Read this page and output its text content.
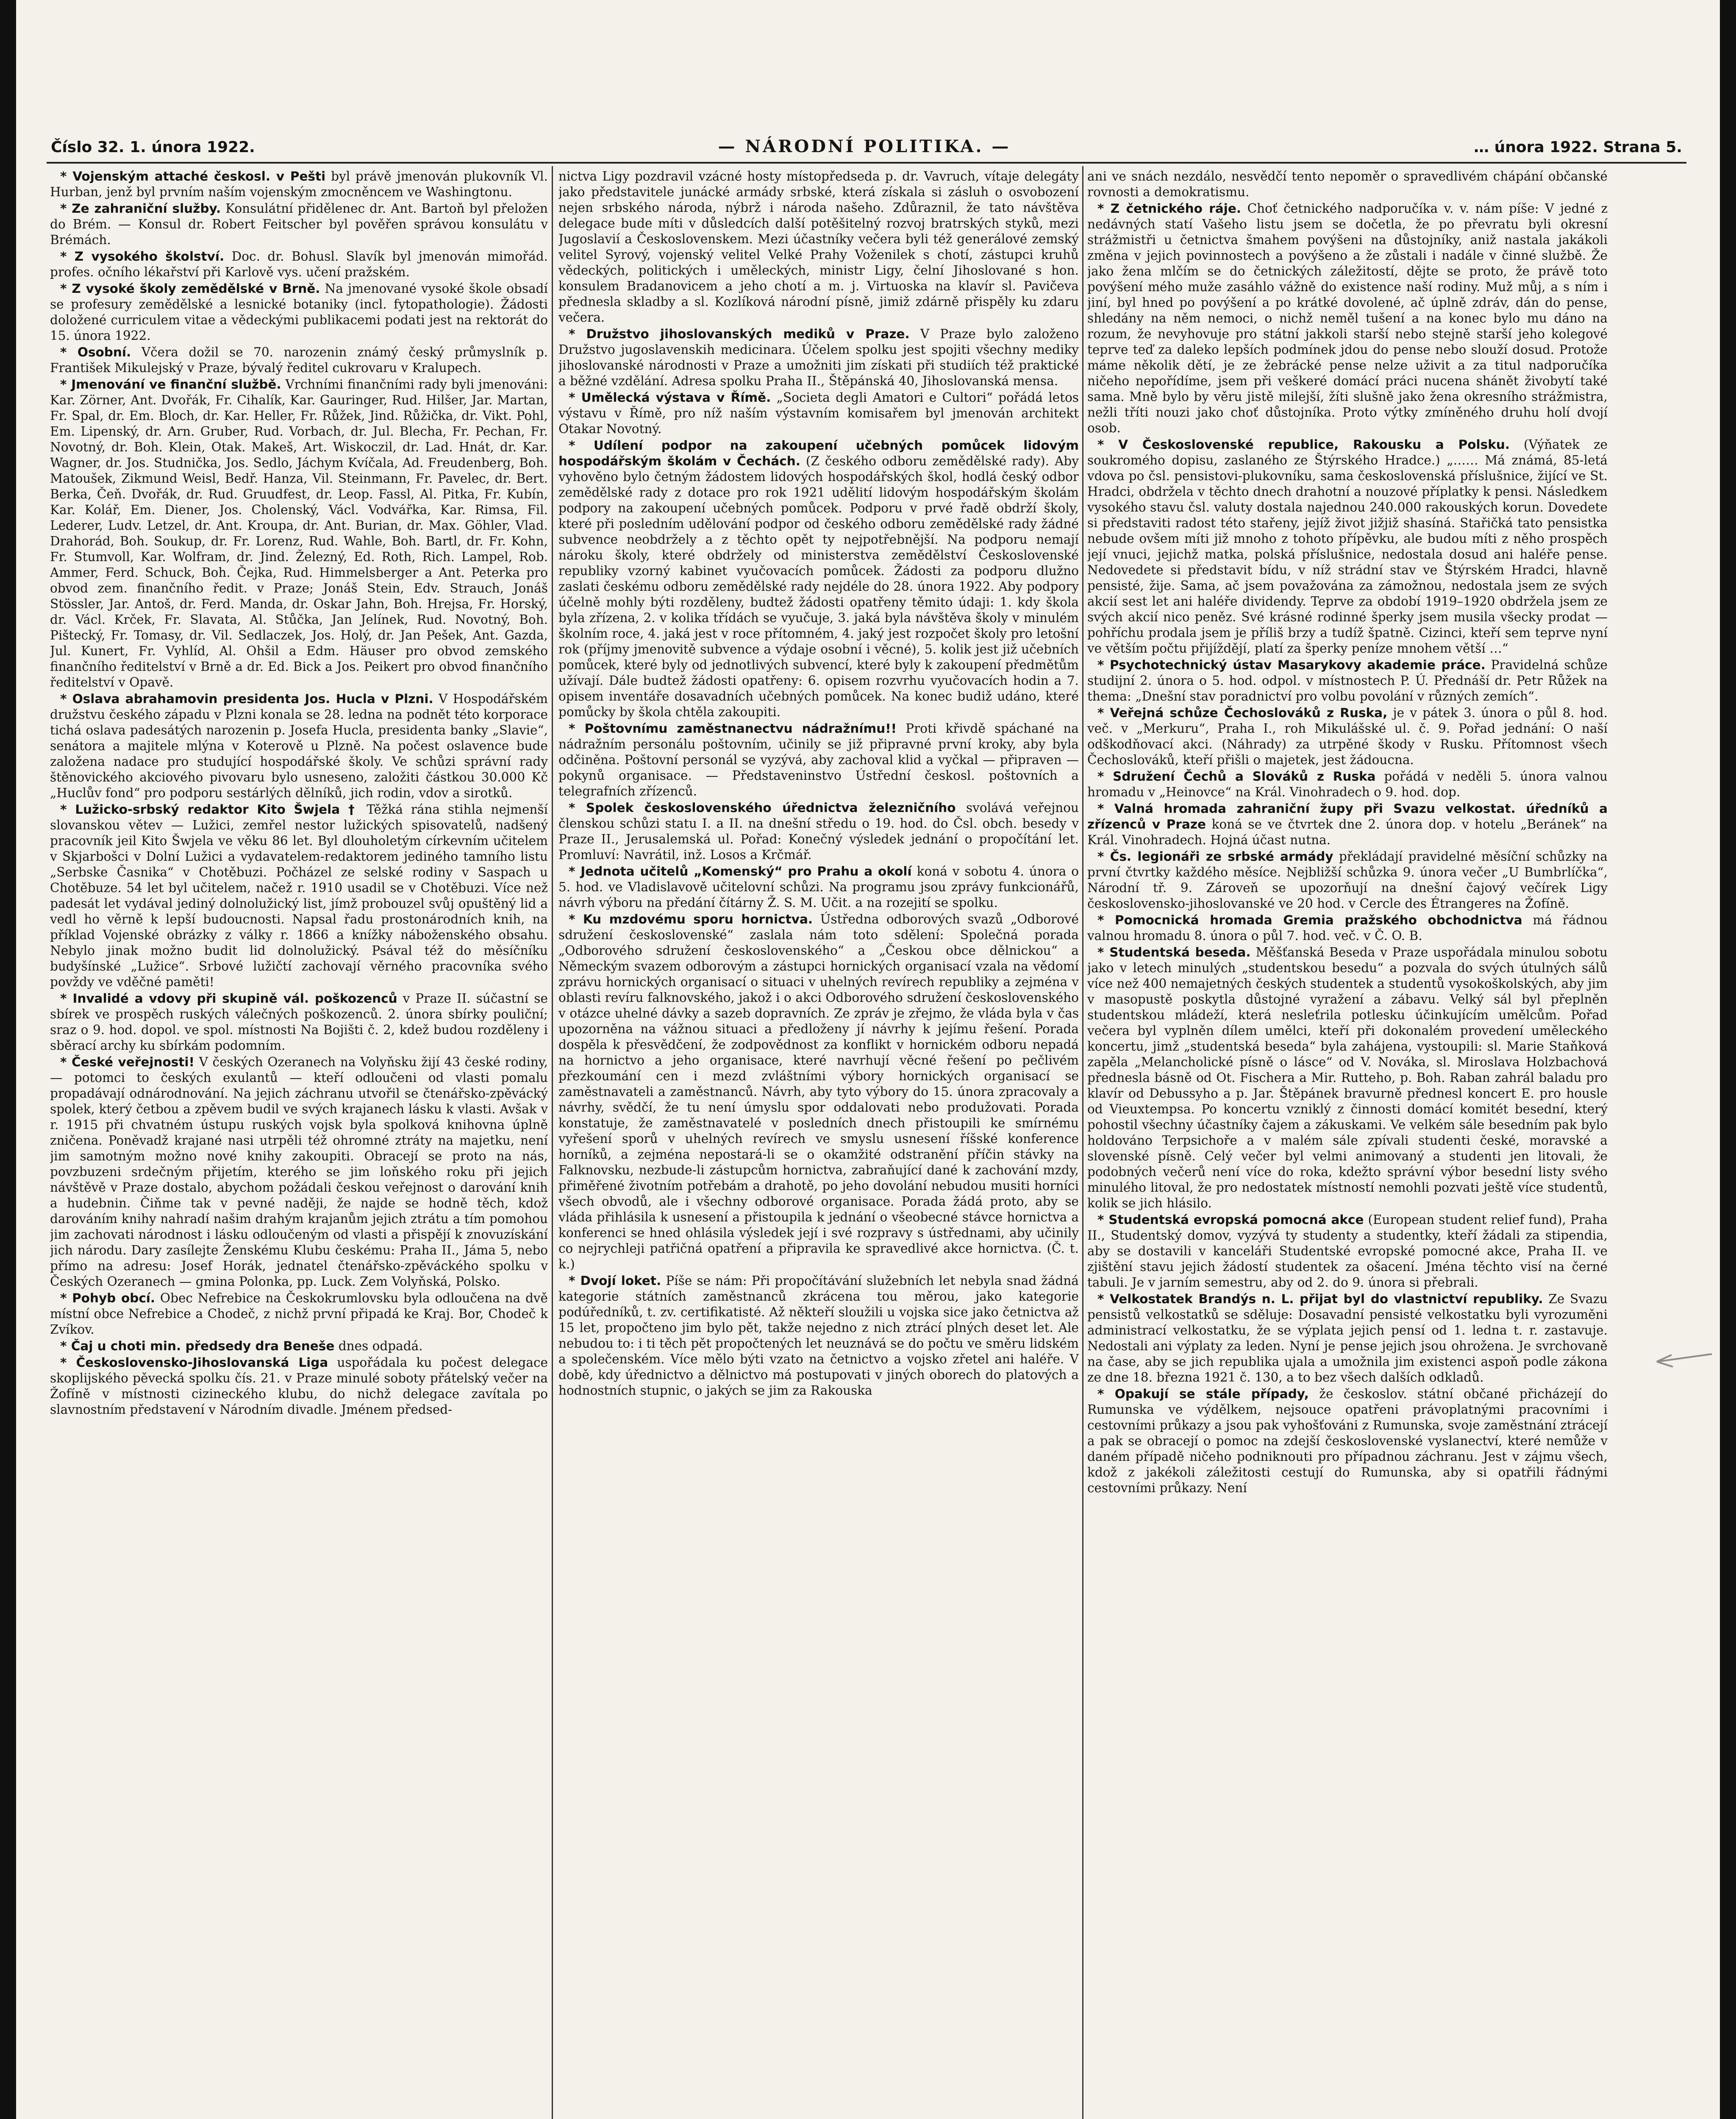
Číslo 32. 1. února 1922.	— NÁRODNÍ POLITIKA. —	… února 1922. Strana 5.

* Vojenským attaché českosl. v Pešti byl právě jmenován plukovník Vl. Hurban, jenž byl prvním naším vojenským zmocněncem ve Washingtonu.

* Ze zahraniční služby. Konsulátní přidělenec dr. Ant. Bartoň byl přeložen do Brém. — Konsul dr. Robert Feitscher byl pověřen správou konsulátu v Brémách.

* Z vysokého školství. Doc. dr. Bohusl. Slavík byl jmenován mimořád. profes. očního lékařství při Karlově vys. učení pražském.

* Z vysoké školy zemědělské v Brně. Na jmenované vysoké škole obsadí se profesury zemědělské a lesnické botaniky (incl. fytopathologie). Žádosti doložené curriculem vitae a vědeckými publikacemi podati jest na rektorát do 15. února 1922.

* Osobní. Včera dožil se 70. narozenin známý český průmyslník p. František Mikulejský v Praze, bývalý ředitel cukrovaru v Kralupech.

* Jmenování ve finanční službě. Vrchními finančními rady byli jmenováni: Kar. Zörner, Ant. Dvořák, Fr. Cihalík, Kar. Gauringer, Rud. Hilšer, Jar. Martan, Fr. Spal, dr. Em. Bloch, dr. Kar. Heller, Fr. Růžek, Jind. Růžička, dr. Vikt. Pohl, Em. Lipenský, dr. Arn. Gruber, Rud. Vorbach, dr. Jul. Blecha, Fr. Pechan, Fr. Novotný, dr. Boh. Klein, Otak. Makeš, Art. Wiskoczil, dr. Lad. Hnát, dr. Kar. Wagner, dr. Jos. Studnička, Jos. Sedlo, Jáchym Kvíčala, Ad. Freudenberg, Boh. Matoušek, Zikmund Weisl, Bedř. Hanza, Vil. Steinmann, Fr. Pavelec, dr. Bert. Berka, Čeň. Dvořák, dr. Rud. Gruudfest, dr. Leop. Fassl, Al. Pitka, Fr. Kubín, Kar. Kolář, Em. Diener, Jos. Cholenský, Václ. Vodvářka, Kar. Rimsa, Fil. Lederer, Ludv. Letzel, dr. Ant. Kroupa, dr. Ant. Burian, dr. Max. Göhler, Vlad. Drahorád, Boh. Soukup, dr. Fr. Lorenz, Rud. Wahle, Boh. Bartl, dr. Fr. Kohn, Fr. Stumvoll, Kar. Wolfram, dr. Jind. Železný, Ed. Roth, Rich. Lampel, Rob. Ammer, Ferd. Schuck, Boh. Čejka, Rud. Himmelsberger a Ant. Peterka pro obvod zem. finančního ředit. v Praze; Jonáš Stein, Edv. Strauch, Jonáš Stössler, Jar. Antoš, dr. Ferd. Manda, dr. Oskar Jahn, Boh. Hrejsa, Fr. Horský, dr. Václ. Krček, Fr. Slavata, Al. Stůčka, Jan Jelínek, Rud. Novotný, Boh. Pištecký, Fr. Tomasy, dr. Vil. Sedlaczek, Jos. Holý, dr. Jan Pešek, Ant. Gazda, Jul. Kunert, Fr. Vyhlíd, Al. Ohšil a Edm. Häuser pro obvod zemského finančního ředitelství v Brně a dr. Ed. Bick a Jos. Peikert pro obvod finančního ředitelství v Opavě.

* Oslava abrahamovin presidenta Jos. Hucla v Plzni. V Hospodářském družstvu českého západu v Plzni konala se 28. ledna na podnět této korporace tichá oslava padesátých narozenin p. Josefa Hucla, presidenta banky „Slavie“, senátora a majitele mlýna v Koterově u Plzně. Na počest oslavence bude založena nadace pro studující hospodářské školy. Ve schůzi správní rady štěnovického akciového pivovaru bylo usneseno, založiti částkou 30.000 Kč „Huclův fond“ pro podporu sestárlých dělníků, jich rodin, vdov a sirotků.

* Lužicko-srbský redaktor Kito Šwjela † Těžká rána stihla nejmenší slovanskou větev — Lužici, zemřel nestor lužických spisovatelů, nadšený pracovník jeil Kito Šwjela ve věku 86 let. Byl dlouholetým církevním učitelem v Skjarbošci v Dolní Lužici a vydavatelem-redaktorem jediného tamního listu „Serbske Časnika“ v Chotěbuzi. Počházel ze selské rodiny v Saspach u Chotěbuze. 54 let byl učitelem, načež r. 1910 usadil se v Chotěbuzi. Více než padesát let vydával jediný dolnolužický list, jímž probouzel svůj opuštěný lid a vedl ho věrně k lepší budoucnosti. Napsal řadu prostonárodních knih, na příklad Vojenské obrázky z války r. 1866 a knížky náboženského obsahu. Nebylo jinak možno budit lid dolnolužický. Psával též do měsíčníku budyšínské „Lužice“. Srbové lužičtí zachovají věrného pracovníka svého povždy ve vděčné paměti!

* Invalidé a vdovy při skupině vál. poškozenců v Praze II. súčastní se sbírek ve prospěch ruských válečných poškozenců. 2. února sbírky pouliční; sraz o 9. hod. dopol. ve spol. místnosti Na Bojišti č. 2, kdež budou rozděleny i sběrací archy ku sbírkám podomním.

* České veřejnosti! V českých Ozeranech na Volyňsku žijí 43 české rodiny, — potomci to českých exulantů — kteří odloučeni od vlasti pomalu propadávají odnárodnování. Na jejich záchranu utvořil se čtenářsko-zpěvácký spolek, který četbou a zpěvem budil ve svých krajanech lásku k vlasti. Avšak v r. 1915 při chvatném ústupu ruských vojsk byla spolková knihovna úplně zničena. Poněvadž krajané nasi utrpěli též ohromné ztráty na majetku, není jim samotným možno nové knihy zakoupiti. Obracejí se proto na nás, povzbuzeni srdečným přijetím, kterého se jim loňského roku při jejich návštěvě v Praze dostalo, abychom požádali českou veřejnost o darování knih a hudebnin. Čiňme tak v pevné naději, že najde se hodně těch, kdož darováním knihy nahradí našim drahým krajanům jejich ztrátu a tím pomohou jim zachovati národnost i lásku odloučeným od vlasti a přispějí k znovuzískání jich národu. Dary zasílejte Ženskému Klubu českému: Praha II., Jáma 5, nebo přímo na adresu: Josef Horák, jednatel čtenářsko-zpěváckého spolku v Českých Ozeranech — gmina Polonka, pp. Luck. Zem Volyňská, Polsko.

* Pohyb obcí. Obec Nefrebice na Českokrumlovsku byla odloučena na dvě místní obce Nefrebice a Chodeč, z nichž první připadá ke Kraj. Bor, Chodeč k Zvíkov.

* Čaj u choti min. předsedy dra Beneše dnes odpadá.

* Československo-Jihoslovanská Liga uspořádala ku počest delegace skoplijského pěvecká spolku čís. 21. v Praze minulé soboty přátelský večer na Žofíně v místnosti cizineckého klubu, do nichž delegace zavítala po slavnostním představení v Národním divadle. Jménem předsed-

nictva Ligy pozdravil vzácné hosty místopředseda p. dr. Vavruch, vítaje delegáty jako představitele junácké armády srbské, která získala si zásluh o osvobození nejen srbského národa, nýbrž i národa našeho. Zdůraznil, že tato návštěva delegace bude míti v důsledcích další potěšitelný rozvoj bratrských styků, mezi Jugoslavií a Československem. Mezi účastníky večera byli též generálové zemský velitel Syrový, vojenský velitel Velké Prahy Voženilek s chotí, zástupci kruhů vědeckých, politických i uměleckých, ministr Ligy, čelní Jihoslované s hon. konsulem Bradanovicem a jeho chotí a m. j. Virtuoska na klavír sl. Pavičeva přednesla skladby a sl. Kozlíková národní písně, jimiž zdárně přispěly ku zdaru večera.

* Družstvo jihoslovanských mediků v Praze. V Praze bylo založeno Družstvo jugoslavenskih medicinara. Účelem spolku jest spojiti všechny mediky jihoslovanské národnosti v Praze a umožniti jim získati při studiích též praktické a běžné vzdělání. Adresa spolku Praha II., Štěpánská 40, Jihoslovanská mensa.

* Umělecká výstava v Římě. „Societa degli Amatori e Cultori“ pořádá letos výstavu v Římě, pro níž naším výstavním komisařem byl jmenován architekt Otakar Novotný.

* Udílení podpor na zakoupení učebných pomůcek lidovým hospodářským školám v Čechách. (Z českého odboru zemědělské rady). Aby vyhověno bylo četným žádostem lidových hospodářských škol, hodlá český odbor zemědělské rady z dotace pro rok 1921 udělití lidovým hospodářským školám podpory na zakoupení učebných pomůcek. Podporu v prvé řadě obdrží školy, které při posledním udělování podpor od českého odboru zemědělské rady žádné subvence neobdržely a z těchto opět ty nejpotřebnější. Na podporu nemají nároku školy, které obdržely od ministerstva zemědělství Československé republiky vzorný kabinet vyučovacích pomůcek. Žádosti za podporu dlužno zaslati českému odboru zemědělské rady nejdéle do 28. února 1922. Aby podpory účelně mohly býti rozděleny, budtež žádosti opatřeny těmito údaji: 1. kdy škola byla zřízena, 2. v kolika třídách se vyučuje, 3. jaká byla návštěva školy v minulém školním roce, 4. jaká jest v roce přítomném, 4. jaký jest rozpočet školy pro letošní rok (příjmy jmenovitě subvence a výdaje osobní i věcné), 5. kolik jest již učebních pomůcek, které byly od jednotlivých subvencí, které byly k zakoupení předmětům užívají. Dále budtež žádosti opatřeny: 6. opisem rozvrhu vyučovacích hodin a 7. opisem inventáře dosavadních učebných pomůcek. Na konec budiž udáno, které pomůcky by škola chtěla zakoupiti.

* Poštovnímu zaměstnanectvu nádražnímu!! Proti křivdě spáchané na nádražním personálu poštovním, učinily se již připravné první kroky, aby byla odčiněna. Poštovní personál se vyzývá, aby zachoval klid a vyčkal — připraven — pokynů organisace. — Představeninstvo Ústřední českosl. poštovních a telegrafních zřízenců.

* Spolek československého úřednictva železničního svolává veřejnou členskou schůzi statu I. a II. na dnešní středu o 19. hod. do Čsl. obch. besedy v Praze II., Jerusalemská ul. Pořad: Konečný výsledek jednání o propočítání let. Promluví: Navrátil, inž. Losos a Krčmář.

* Jednota učitelů „Komenský“ pro Prahu a okolí koná v sobotu 4. února o 5. hod. ve Vladislavově učitelovní schůzi. Na programu jsou zprávy funkcionářů, návrh výboru na předání čítárny Ž. S. M. Učit. a na rozejití se spolku.

* Ku mzdovému sporu hornictva. Ústředna odborových svazů „Odborové sdružení československé“ zaslala nám toto sdělení: Společná porada „Odborového sdružení československého“ a „Českou obce dělnickou“ a Německým svazem odborovým a zástupci hornických organisací vzala na vědomí zprávu hornických organisací o situaci v uhelných revírech republiky a zejména v oblasti revíru falknovského, jakož i o akci Odborového sdružení československého v otázce uhelné dávky a sazeb dopravních. Ze zpráv je zřejmo, že vláda byla v čas upozorněna na vážnou situaci a předloženy jí návrhy k jejímu řešení. Porada dospěla k přesvědčení, že zodpovědnost za konflikt v hornickém odboru nepadá na hornictvo a jeho organisace, které navrhují věcné řešení po pečlivém přezkoumání cen i mezd zvláštními výbory hornických organisací se zaměstnavateli a zaměstnanců. Návrh, aby tyto výbory do 15. února zpracovaly a návrhy, svědčí, že tu není úmyslu spor oddalovati nebo produžovati. Porada konstatuje, že zaměstnavatelé v posledních dnech přistoupili ke smírnému vyřešení sporů v uhelných revírech ve smyslu usnesení říšské konference horníků, a zejména nepostará-li se o okamžité odstranění příčin stávky na Falknovsku, nezbude-li zástupcům hornictva, zabraňující dané k zachování mzdy, přiměřené životním potřebám a drahotě, po jeho dovolání nebudou musiti horníci všech obvodů, ale i všechny odborové organisace. Porada žádá proto, aby se vláda přihlásila k usnesení a přistoupila k jednání o všeobecné stávce hornictva a konferenci se hned ohlásila výsledek její i své rozpravy s ústřednami, aby učinily co nejrychleji patřičná opatření a připravila ke spravedlivé akce hornictva. (Č. t. k.)

* Dvojí loket. Píše se nám: Při propočítávání služebních let nebyla snad žádná kategorie státních zaměstnanců zkrácena tou měrou, jako kategorie podúředníků, t. zv. certifikatisté. Až někteří sloužili u vojska sice jako četnictva až 15 let, propočteno jim bylo pět, takže nejedno z nich ztrácí plných deset let. Ale nebudou to: i ti těch pět propočtených let neuznává se do počtu ve směru lidském a společenském. Více mělo býti vzato na četnictvo a vojsko zřetel ani haléře. V době, kdy úřednictvo a dělnictvo má postupovati v jiných oborech do platových a hodnostních stupnic, o jakých se jim za Rakouska

ani ve snách nezdálo, nesvědčí tento nepoměr o spravedlivém chápání občanské rovnosti a demokratismu.

* Z četnického ráje. Choť četnického nadporučíka v. v. nám píše: V jedné z nedávných statí Vašeho listu jsem se dočetla, že po převratu byli okresní strážmistři u četnictva šmahem povýšeni na důstojníky, aniž nastala jakákoli změna v jejich povinnostech a povýšeno a že zůstali i nadále v činné službě. Že jako žena mlčím se do četnických záležitostí, dějte se proto, že právě toto povýšení mého muže zasáhlo vážně do existence naší rodiny. Muž můj, a s ním i jiní, byl hned po povýšení a po krátké dovolené, ač úplně zdráv, dán do pense, shledány na něm nemoci, o nichž neměl tušení a na konec bylo mu dáno na rozum, že nevyhovuje pro státní jakkoli starší nebo stejně starší jeho kolegové teprve teď za daleko lepších podmínek jdou do pense nebo slouží dosud. Protože máme několik dětí, je ze žebrácké pense nelze uživit a za titul nadporučíka ničeho nepořídíme, jsem při veškeré domácí práci nucena shánět živobytí také sama. Mně bylo by věru jistě milejší, žíti slušně jako žena okresního strážmistra, nežli tříti nouzi jako choť důstojníka. Proto výtky zmíněného druhu holí dvojí osob.

* V Československé republice, Rakousku a Polsku. (Výňatek ze soukromého dopisu, zaslaného ze Štýrského Hradce.) „…… Má známá, 85-letá vdova po čsl. pensistovi-plukovníku, sama československá příslušnice, žijící ve St. Hradci, obdržela v těchto dnech drahotní a nouzové příplatky k pensi. Následkem vysokého stavu čsl. valuty dostala najednou 240.000 rakouských korun. Dovedete si představiti radost této stařeny, jejíž život jižjiž shasíná. Stařičká tato pensistka nebude ovšem míti již mnoho z tohoto přípěvku, ale budou míti z něho prospěch její vnuci, jejichž matka, polská příslušnice, nedostala dosud ani haléře pense. Nedovedete si představit bídu, v níž strádní stav ve Štýrském Hradci, hlavně pensisté, žije. Sama, ač jsem považována za zámožnou, nedostala jsem ze svých akcií sest let ani haléře dividendy. Teprve za období 1919–1920 obdržela jsem ze svých akcií nico peněz. Své krásné rodinné šperky jsem musila všecky prodat — pohříchu prodala jsem je příliš brzy a tudíž špatně. Cizinci, kteří sem teprve nyní ve větším počtu přijíždějí, platí za šperky peníze mnohem větší …“

* Psychotechnický ústav Masarykovy akademie práce. Pravidelná schůze studijní 2. února o 5. hod. odpol. v místnostech P. Ú. Přednáší dr. Petr Růžek na thema: „Dnešní stav poradnictví pro volbu povolání v různých zemích“.

* Veřejná schůze Čechoslováků z Ruska, je v pátek 3. února o půl 8. hod. več. v „Merkuru“, Praha I., roh Mikulášské ul. č. 9. Pořad jednání: O naší odškodňovací akci. (Náhrady) za utrpěné škody v Rusku. Přítomnost všech Čechoslováků, kteří přišli o majetek, jest žádoucna.

* Sdružení Čechů a Slováků z Ruska pořádá v neděli 5. února valnou hromadu v „Heinovce“ na Král. Vinohradech o 9. hod. dop.

* Valná hromada zahraniční župy při Svazu velkostat. úředníků a zřízenců v Praze koná se ve čtvrtek dne 2. února dop. v hotelu „Beránek“ na Král. Vinohradech. Hojná účast nutna.

* Čs. legionáři ze srbské armády překládají pravidelné měsíční schůzky na první čtvrtky každého měsíce. Nejbližší schůzka 9. února večer „U Bumbrlíčka“, Národní tř. 9. Zároveň se upozorňují na dnešní čajový večírek Ligy československo-jihoslovanské ve 20 hod. v Cercle des Étrangeres na Žofíně.

* Pomocnická hromada Gremia pražského obchodnictva má řádnou valnou hromadu 8. února o půl 7. hod. več. v Č. O. B.

* Studentská beseda. Měšťanská Beseda v Praze uspořádala minulou sobotu jako v letech minulých „studentskou besedu“ a pozvala do svých útulných sálů více než 400 nemajetných českých studentek a studentů vysokoškolských, aby jim v masopustě poskytla důstojné vyražení a zábavu. Velký sál byl přeplněn studentskou mládeží, která nesleťrila potlesku účinkujícím umělcům. Pořad večera byl vyplněn dílem umělci, kteří při dokonalém provedení uměleckého koncertu, jimž „studentská beseda“ byla zahájena, vystoupili: sl. Marie Staňková zapěla „Melancholické písně o lásce“ od V. Nováka, sl. Miroslava Holzbachová přednesla básně od Ot. Fischera a Mir. Rutteho, p. Boh. Raban zahrál baladu pro klavír od Debussyho a p. Jar. Štěpánek bravurně přednesl koncert E. pro housle od Vieuxtempsa. Po koncertu vzniklý z činnosti domácí komitét besední, který pohostil všechny účastníky čajem a zákuskami. Ve velkém sále besedním pak bylo holdováno Terpsichoře a v malém sále zpívali studenti české, moravské a slovenské písně. Celý večer byl velmi animovaný a studenti jen litovali, že podobných večerů není více do roka, kdežto správní výbor besední listy svého minulého litoval, že pro nedostatek místností nemohli pozvati ještě více studentů, kolik se jich hlásilo.

* Studentská evropská pomocná akce (European student relief fund), Praha II., Studentský domov, vyzývá ty studenty a studentky, kteří žádali za stipendia, aby se dostavili v kanceláři Studentské evropské pomocné akce, Praha II. ve zjištění stavu jejich žádostí studentek za ošacení. Jména těchto visí na černé tabuli. Je v jarním semestru, aby od 2. do 9. února si přebrali.

* Velkostatek Brandýs n. L. přijat byl do vlastnictví republiky. Ze Svazu pensistů velkostatků se sděluje: Dosavadní pensisté velkostatku byli vyrozuměni administrací velkostatku, že se výplata jejich pensí od 1. ledna t. r. zastavuje. Nedostali ani výplaty za leden. Nyní je pense jejich jsou ohrožena. Je svrchovaně na čase, aby se jich republika ujala a umožnila jim existenci aspoň podle zákona ze dne 18. března 1921 č. 130, a to bez všech dalších odkladů.

* Opakují se stále případy, že českoslov. státní občané přicházejí do Rumunska ve výdělkem, nejsouce opatřeni právoplatnými pracovními i cestovními průkazy a jsou pak vyhošťováni z Rumunska, svoje zaměstnání ztrácejí a pak se obracejí o pomoc na zdejší československé vyslanectví, které nemůže v daném případě ničeho podniknouti pro případnou záchranu. Jest v zájmu všech, kdož z jakékoli záležitosti cestují do Rumunska, aby si opatřili řádnými cestovními průkazy. Není
